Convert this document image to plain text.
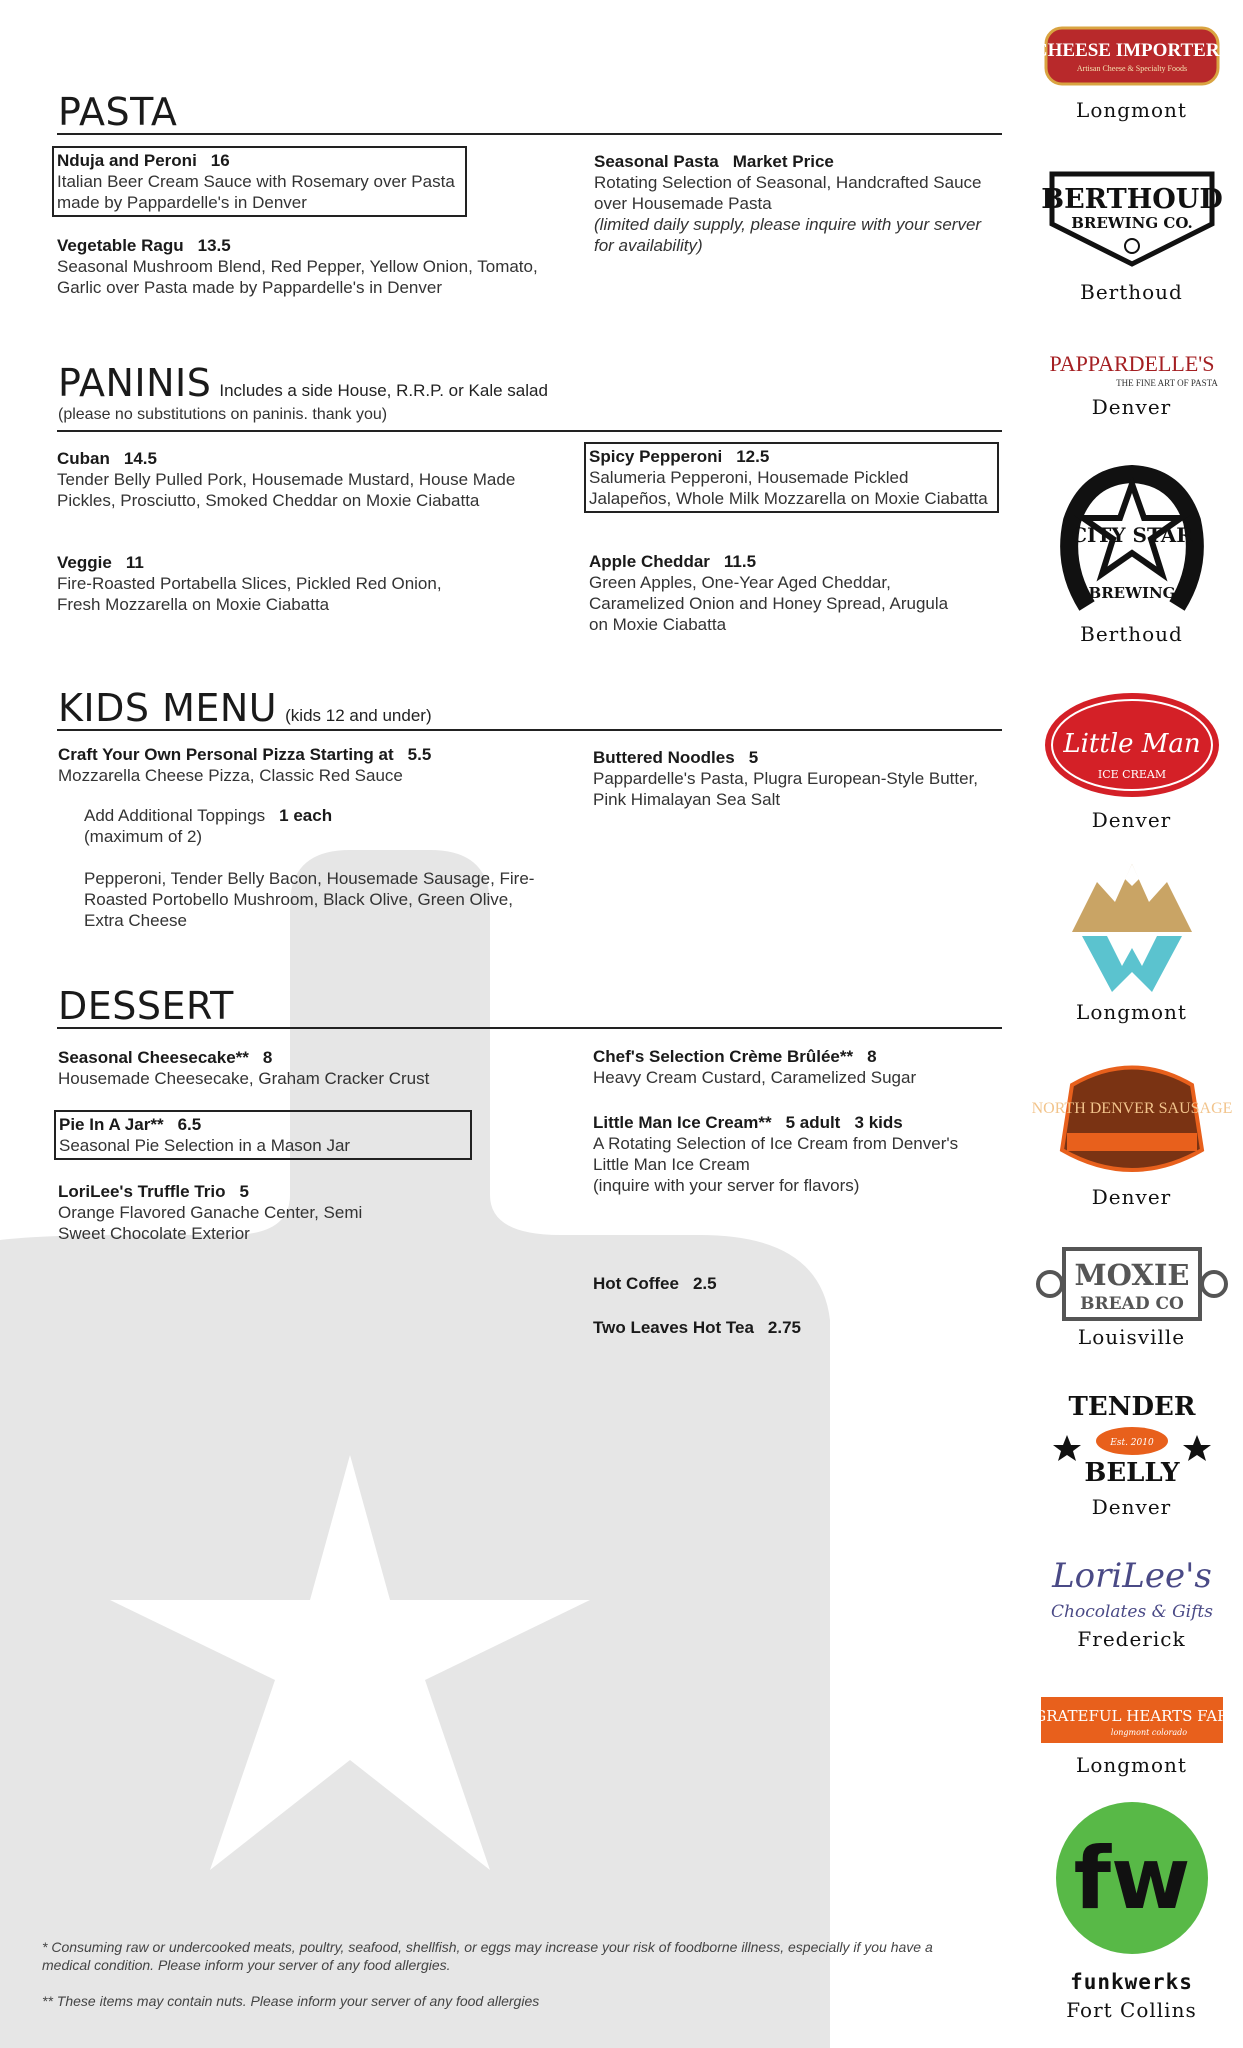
PASTA
Nduja and Peroni 16
Italian Beer Cream Sauce with Rosemary over Pasta made by Pappardelle's in Denver
Vegetable Ragu 13.5
Seasonal Mushroom Blend, Red Pepper, Yellow Onion, Tomato, Garlic over Pasta made by Pappardelle's in Denver
Seasonal Pasta Market Price
Rotating Selection of Seasonal, Handcrafted Sauce over Housemade Pasta
(limited daily supply, please inquire with your server for availability)
PANINIS Includes a side House, R.R.P. or Kale salad
(please no substitutions on paninis. thank you)
Cuban 14.5
Tender Belly Pulled Pork, Housemade Mustard, House Made Pickles, Prosciutto, Smoked Cheddar on Moxie Ciabatta
Veggie 11
Fire-Roasted Portabella Slices, Pickled Red Onion, Fresh Mozzarella on Moxie Ciabatta
Spicy Pepperoni 12.5
Salumeria Pepperoni, Housemade Pickled Jalapeños, Whole Milk Mozzarella on Moxie Ciabatta
Apple Cheddar 11.5
Green Apples, One-Year Aged Cheddar, Caramelized Onion and Honey Spread, Arugula on Moxie Ciabatta
KIDS MENU (kids 12 and under)
Craft Your Own Personal Pizza Starting at 5.5
Mozzarella Cheese Pizza, Classic Red Sauce
Add Additional Toppings 1 each
(maximum of 2)
Pepperoni, Tender Belly Bacon, Housemade Sausage, Fire-Roasted Portobello Mushroom, Black Olive, Green Olive, Extra Cheese
Buttered Noodles 5
Pappardelle's Pasta, Plugra European-Style Butter, Pink Himalayan Sea Salt
DESSERT
Seasonal Cheesecake** 8
Housemade Cheesecake, Graham Cracker Crust
Pie In A Jar** 6.5
Seasonal Pie Selection in a Mason Jar
LoriLee's Truffle Trio 5
Orange Flavored Ganache Center, Semi Sweet Chocolate Exterior
Chef's Selection Crème Brûlée** 8
Heavy Cream Custard, Caramelized Sugar
Little Man Ice Cream** 5 adult   3 kids
A Rotating Selection of Ice Cream from Denver's Little Man Ice Cream
(inquire with your server for flavors)
Hot Coffee 2.5
Two Leaves Hot Tea 2.75

* Consuming raw or undercooked meats, poultry, seafood, shellfish, or eggs may increase your risk of foodborne illness, especially if you have a medical condition. Please inform your server of any food allergies.

** These items may contain nuts. Please inform your server of any food allergies

CHEESE IMPORTERS
Artisan Cheese & Specialty Foods
Longmont
BERTHOUD
BREWING CO.
Berthoud
PAPPARDELLE'S
THE FINE ART OF PASTA
Denver
CITY STAR
BREWING
Berthoud
Little Man
ICE CREAM
Denver
Longmont
NORTH DENVER SAUSAGE
Denver
MOXIE
BREAD CO
Louisville
TENDER
Est. 2010
BELLY
Denver
LoriLee's
Chocolates & Gifts
Frederick
GRATEFUL HEARTS FARM
longmont colorado
Longmont
fw
funkwerks
Fort Collins
